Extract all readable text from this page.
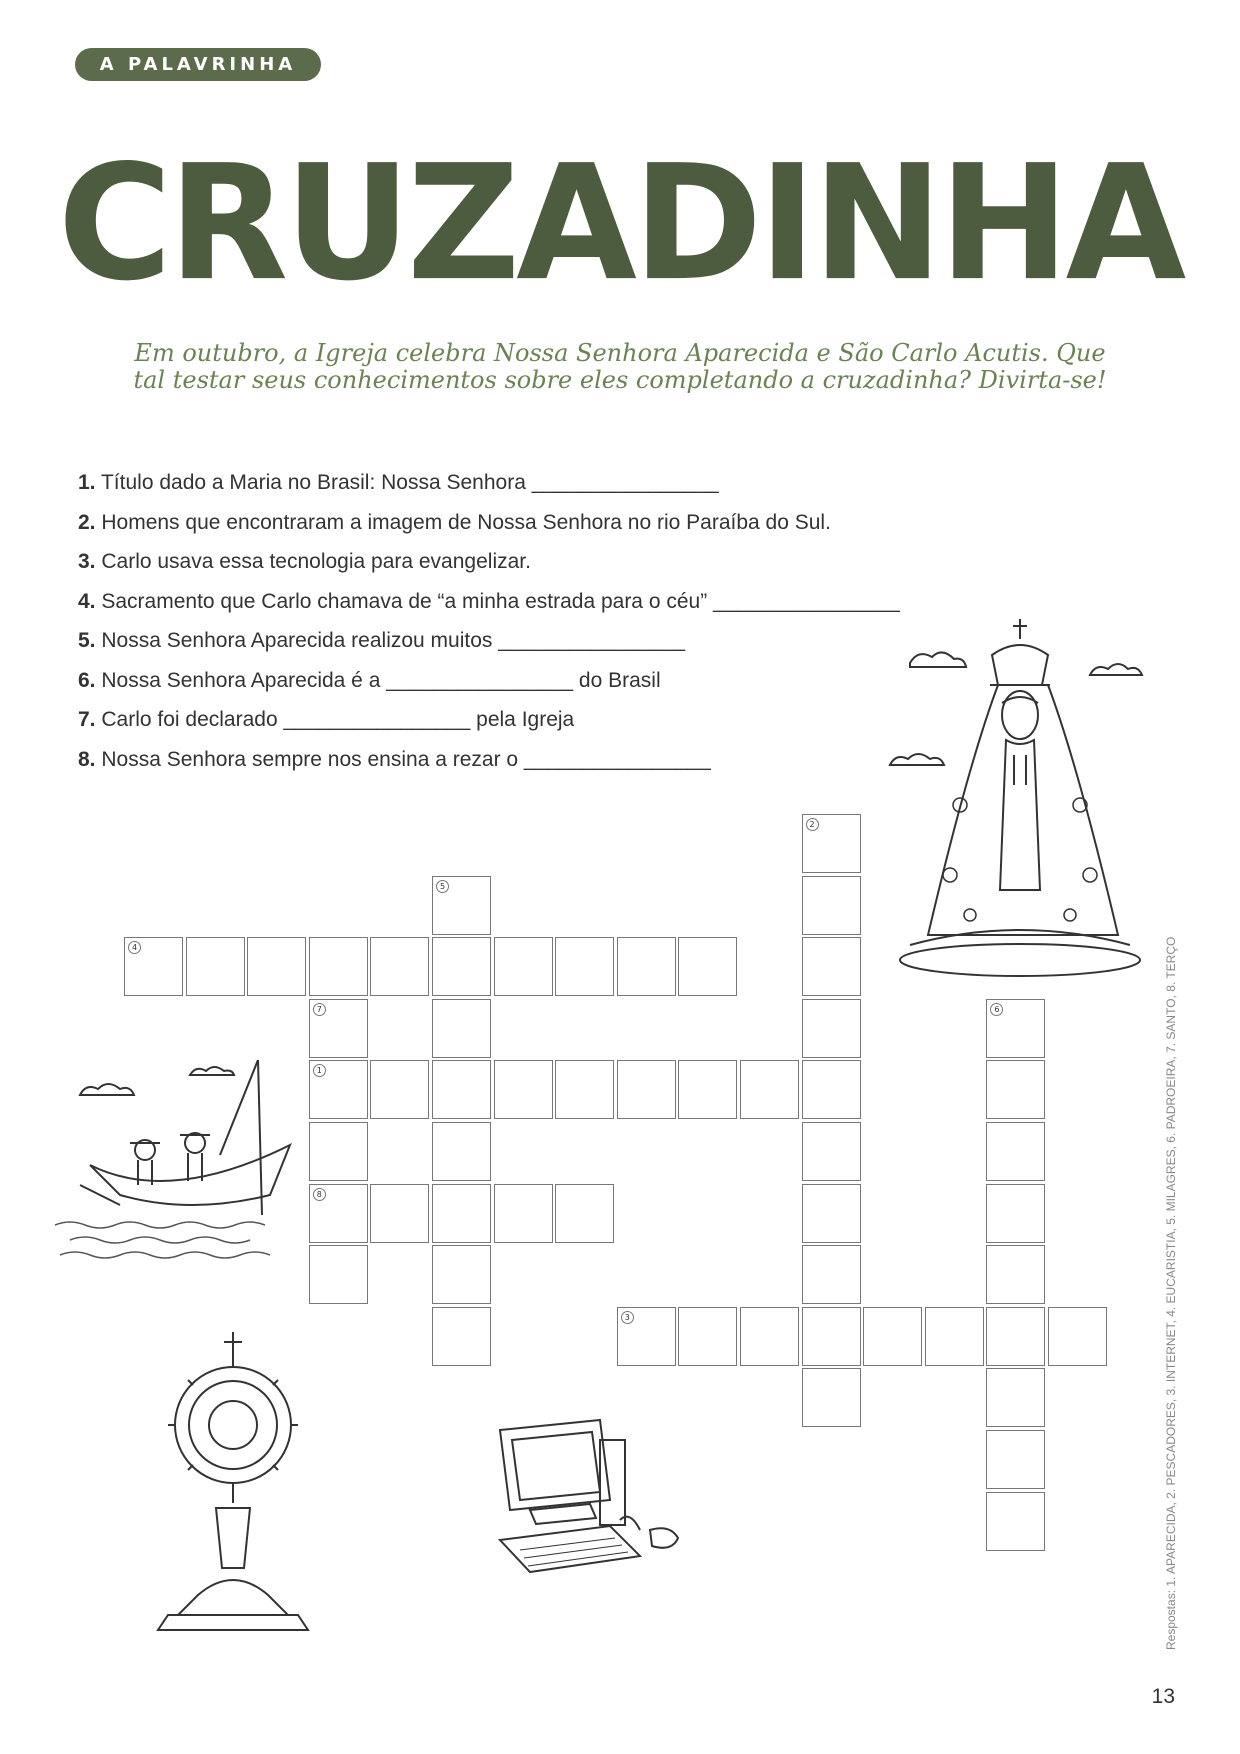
A PALAVRINHA
CRUZADINHA
Em outubro, a Igreja celebra Nossa Senhora Aparecida e São Carlo Acutis. Que
tal testar seus conhecimentos sobre eles completando a cruzadinha? Divirta-se!
1. Título dado a Maria no Brasil: Nossa Senhora ________________
2. Homens que encontraram a imagem de Nossa Senhora no rio Paraíba do Sul.
3. Carlo usava essa tecnologia para evangelizar.
4. Sacramento que Carlo chamava de “a minha estrada para o céu” ________________
5. Nossa Senhora Aparecida realizou muitos ________________
6. Nossa Senhora Aparecida é a ________________ do Brasil
7. Carlo foi declarado ________________ pela Igreja
8. Nossa Senhora sempre nos ensina a rezar o ________________
1
2
3
4
5
6
7
8	Respostas: 1. APARECIDA, 2. PESCADORES, 3. INTERNET, 4. EUCARISTIA, 5. MILAGRES, 6. PADROEIRA, 7. SANTO, 8. TERÇO
13
